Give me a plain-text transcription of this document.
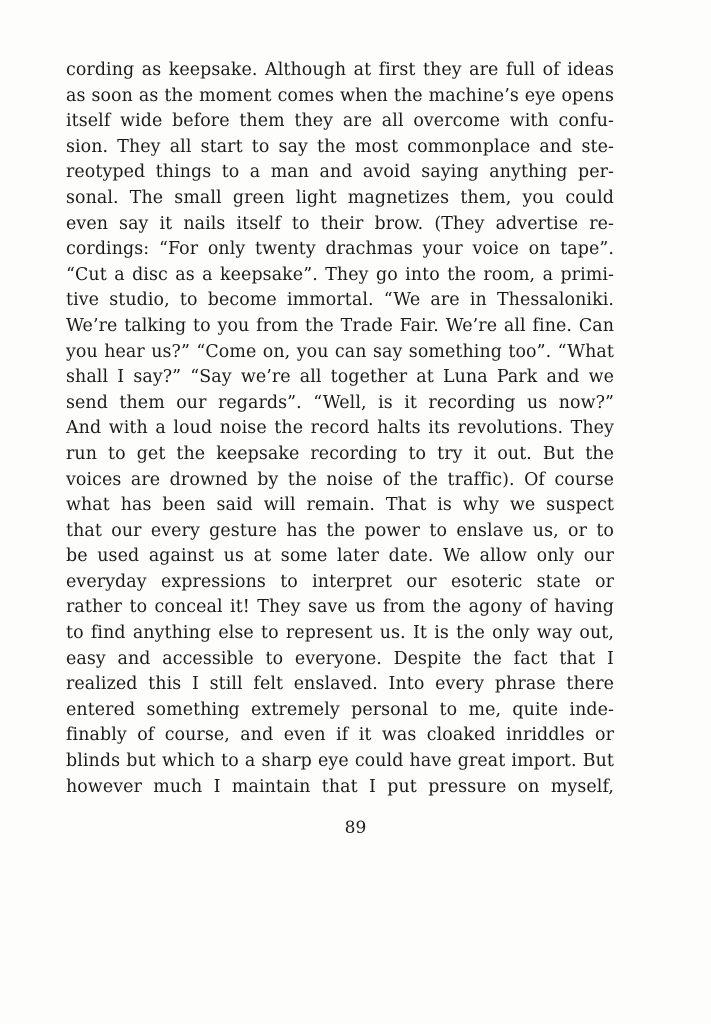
cording as keepsake. Although at first they are full of ideas
as soon as the moment comes when the machine’s eye opens
itself wide before them they are all overcome with confu-
sion. They all start to say the most commonplace and ste-
reotyped things to a man and avoid saying anything per-
sonal. The small green light magnetizes them, you could
even say it nails itself to their brow. (They advertise re-
cordings: “For only twenty drachmas your voice on tape”.
“Cut a disc as a keepsake”. They go into the room, a primi-
tive studio, to become immortal. “We are in Thessaloniki.
We’re talking to you from the Trade Fair. We’re all fine. Can
you hear us?” “Come on, you can say something too”. “What
shall I say?” “Say we’re all together at Luna Park and we
send them our regards”. “Well, is it recording us now?”
And with a loud noise the record halts its revolutions. They
run to get the keepsake recording to try it out. But the
voices are drowned by the noise of the traffic). Of course
what has been said will remain. That is why we suspect
that our every gesture has the power to enslave us, or to
be used against us at some later date. We allow only our
everyday expressions to interpret our esoteric state or
rather to conceal it! They save us from the agony of having
to find anything else to represent us. It is the only way out,
easy and accessible to everyone. Despite the fact that I
realized this I still felt enslaved. Into every phrase there
entered something extremely personal to me, quite inde-
finably of course, and even if it was cloaked inriddles or
blinds but which to a sharp eye could have great import. But
however much I maintain that I put pressure on myself,
89
